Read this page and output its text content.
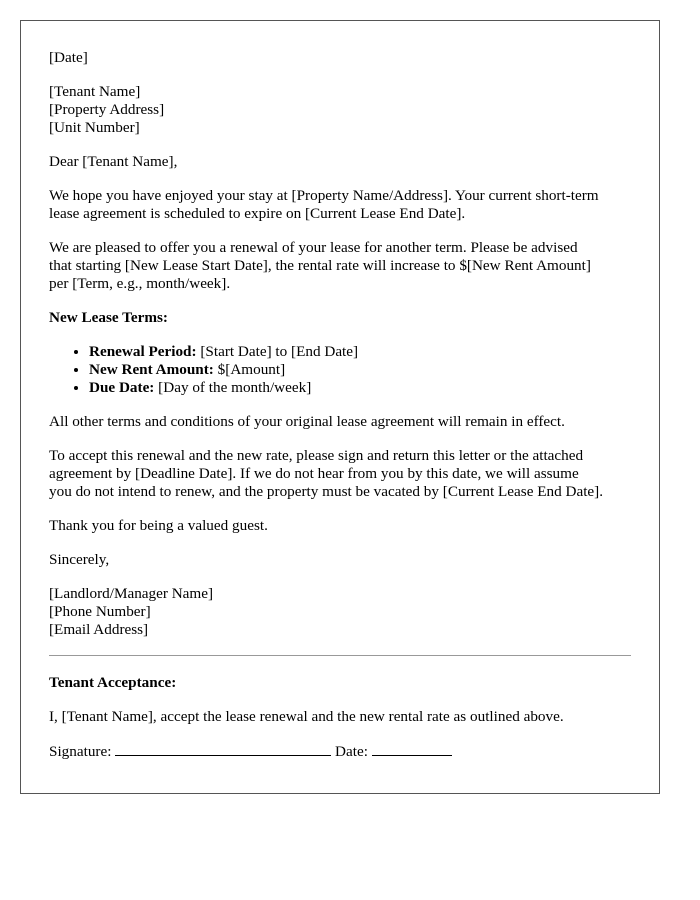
[Date]
[Tenant Name]
[Property Address]
[Unit Number]
Dear [Tenant Name],
We hope you have enjoyed your stay at [Property Name/Address]. Your current short-term
lease agreement is scheduled to expire on [Current Lease End Date].
We are pleased to offer you a renewal of your lease for another term. Please be advised
that starting [New Lease Start Date], the rental rate will increase to $[New Rent Amount]
per [Term, e.g., month/week].
New Lease Terms:
• Renewal Period: [Start Date] to [End Date]
• New Rent Amount: $[Amount]
• Due Date: [Day of the month/week]
All other terms and conditions of your original lease agreement will remain in effect.
To accept this renewal and the new rate, please sign and return this letter or the attached
agreement by [Deadline Date]. If we do not hear from you by this date, we will assume
you do not intend to renew, and the property must be vacated by [Current Lease End Date].
Thank you for being a valued guest.
Sincerely,
[Landlord/Manager Name]
[Phone Number]
[Email Address]
Tenant Acceptance:
I, [Tenant Name], accept the lease renewal and the new rental rate as outlined above.
Signature:	Date:
